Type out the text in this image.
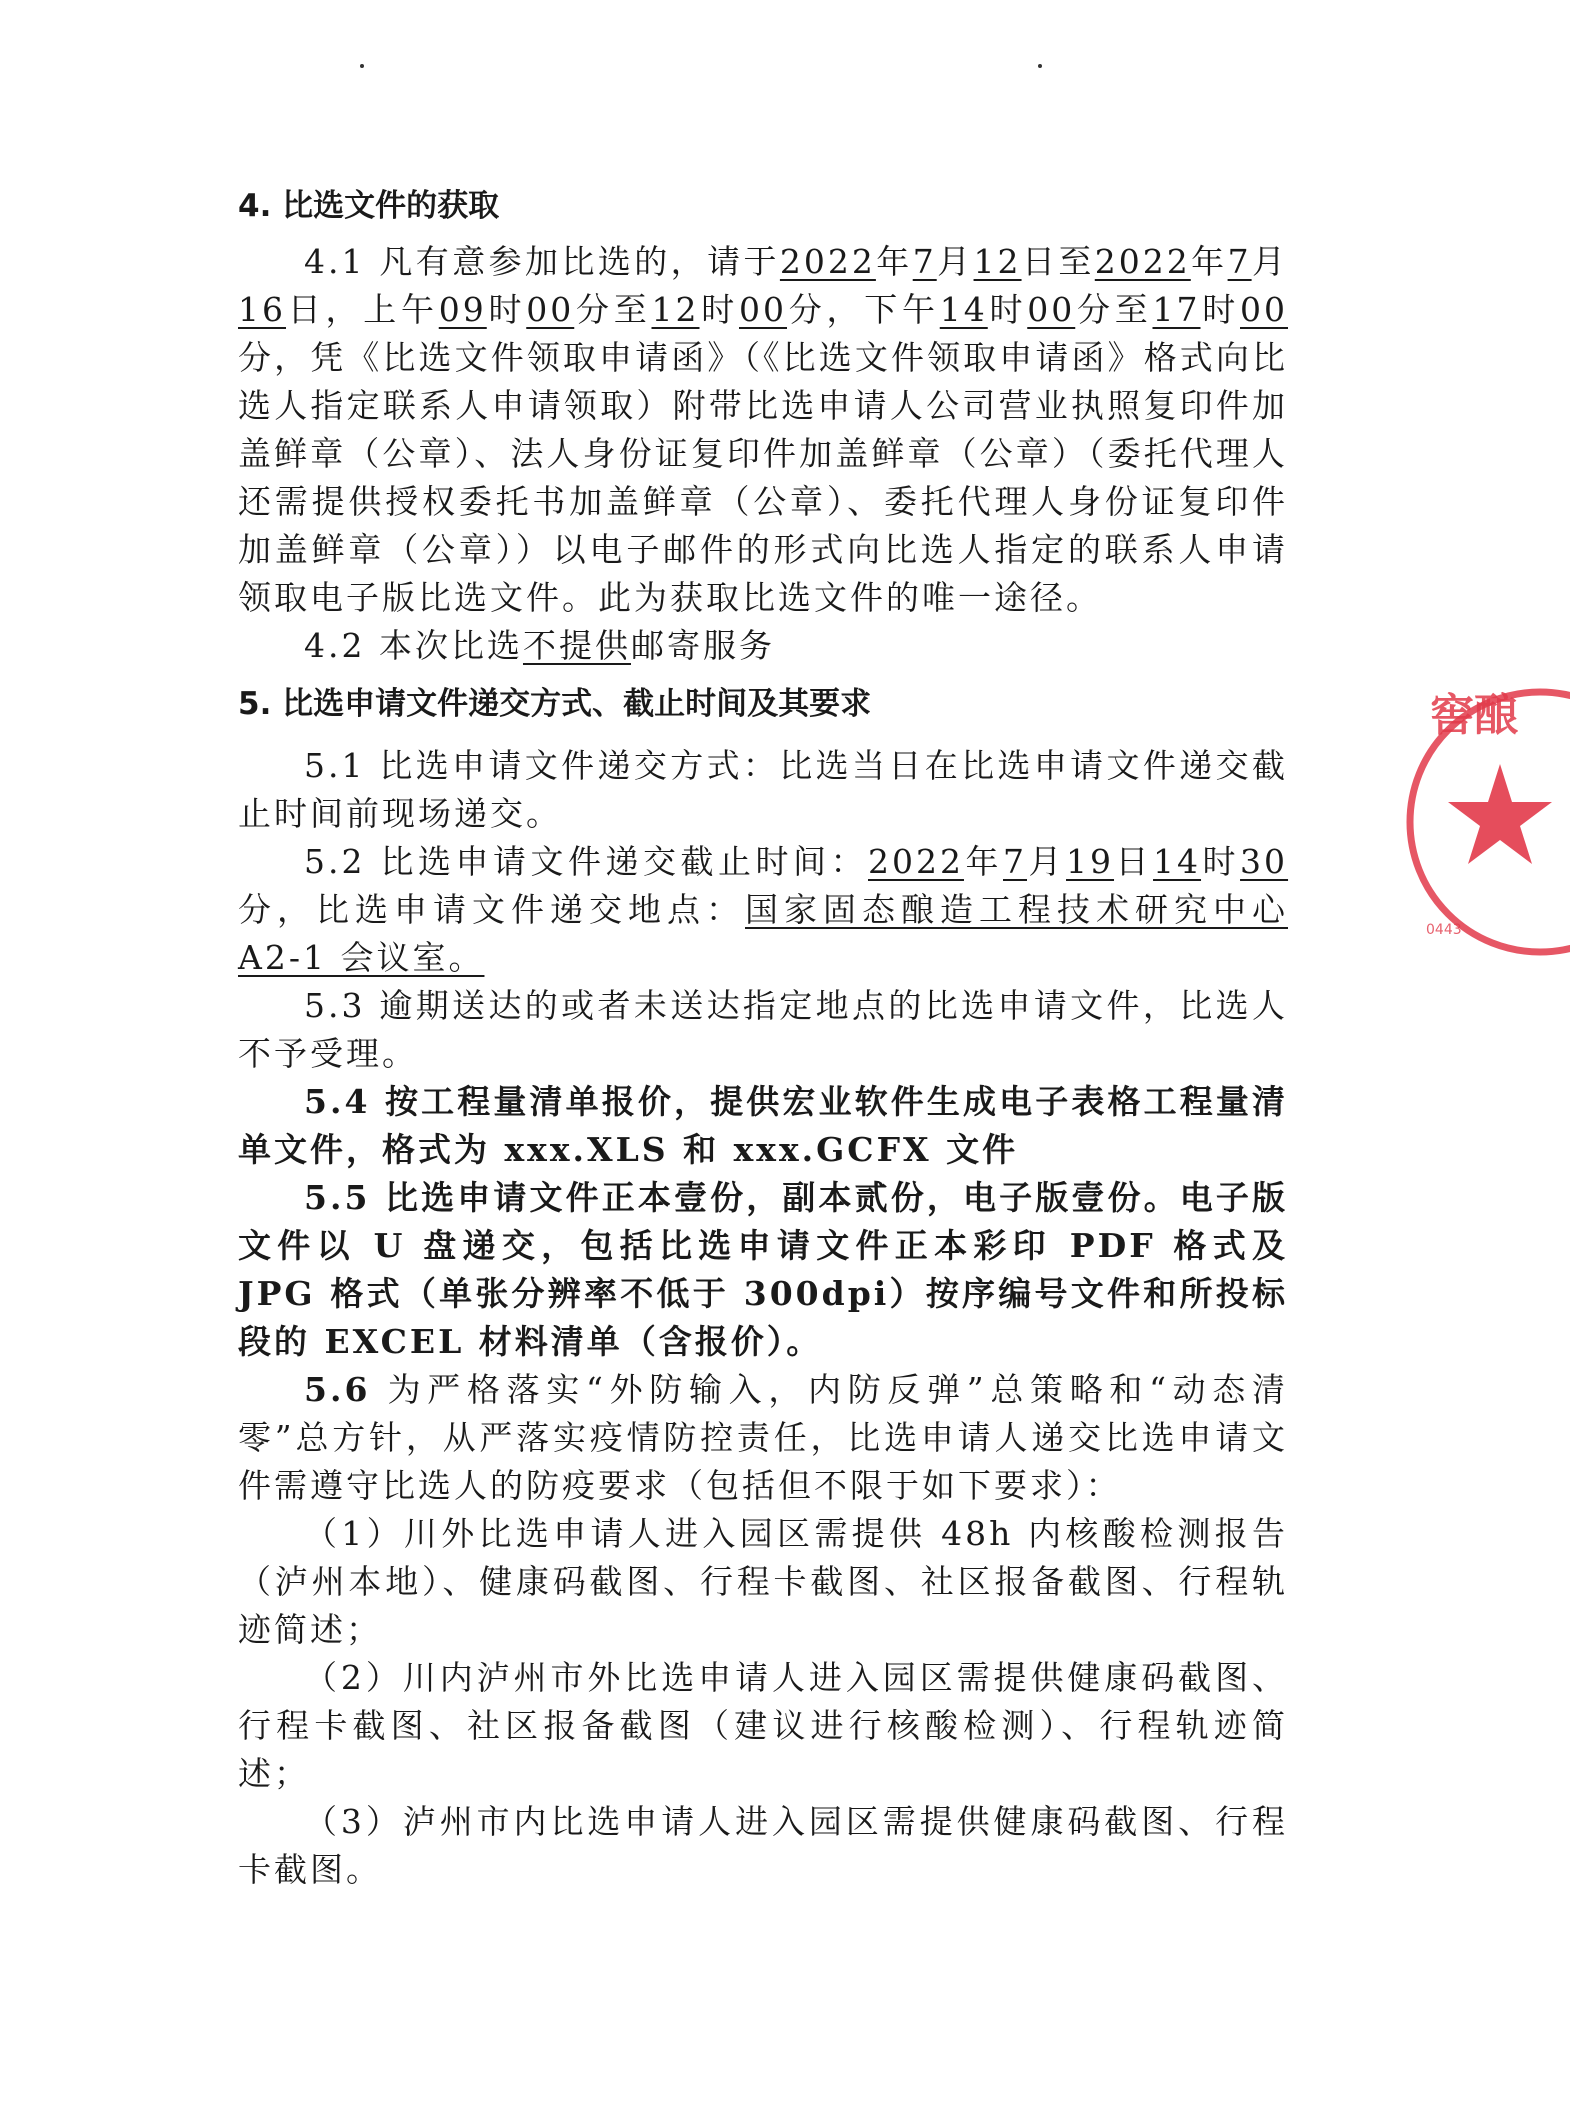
4. 比选文件的获取

4.1 凡有意参加比选的，请于2022年7月12日至2022年7月16日，上午09时00分至12时00分，下午14时00分至17时00分，凭《比选文件领取申请函》（《比选文件领取申请函》格式向比选人指定联系人申请领取）附带比选申请人公司营业执照复印件加盖鲜章（公章）、法人身份证复印件加盖鲜章（公章）（委托代理人还需提供授权委托书加盖鲜章（公章）、委托代理人身份证复印件加盖鲜章（公章））以电子邮件的形式向比选人指定的联系人申请领取电子版比选文件。此为获取比选文件的唯一途径。

4.2 本次比选不提供邮寄服务

5. 比选申请文件递交方式、截止时间及其要求

5.1 比选申请文件递交方式：比选当日在比选申请文件递交截止时间前现场递交。

5.2 比选申请文件递交截止时间：2022年7月19日14时30分，比选申请文件递交地点：国家固态酿造工程技术研究中心 A2-1 会议室。

5.3 逾期送达的或者未送达指定地点的比选申请文件，比选人不予受理。

5.4 按工程量清单报价，提供宏业软件生成电子表格工程量清单文件，格式为 xxx.XLS 和 xxx.GCFX 文件

5.5 比选申请文件正本壹份，副本贰份，电子版壹份。电子版文件以 U 盘递交，包括比选申请文件正本彩印 PDF 格式及 JPG 格式（单张分辨率不低于 300dpi）按序编号文件和所投标段的 EXCEL 材料清单（含报价）。

5.6 为严格落实“外防输入，内防反弹”总策略和“动态清零”总方针，从严落实疫情防控责任，比选申请人递交比选申请文件需遵守比选人的防疫要求（包括但不限于如下要求）：

（1）川外比选申请人进入园区需提供 48h 内核酸检测报告（泸州本地）、健康码截图、行程卡截图、社区报备截图、行程轨迹简述；

（2）川内泸州市外比选申请人进入园区需提供健康码截图、行程卡截图、社区报备截图（建议进行核酸检测）、行程轨迹简述；

（3）泸州市内比选申请人进入园区需提供健康码截图、行程卡截图。

窖酿
0443
